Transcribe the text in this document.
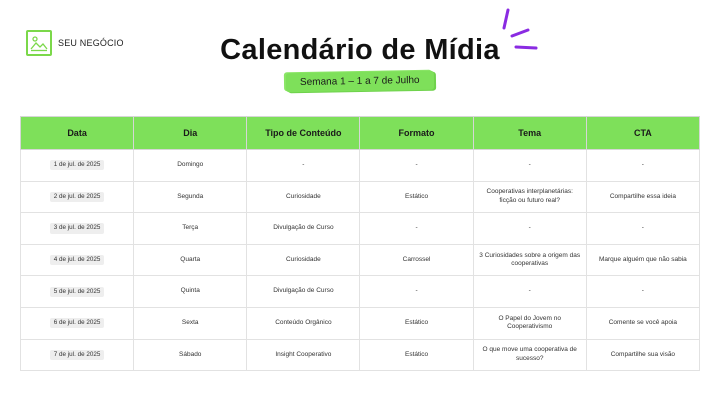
SEU NEGÓCIO	Calendário de Mídia
Semana 1 – 1 a 7 de Julho
Data	Dia	Tipo de Conteúdo	Formato	Tema	CTA
1 de jul. de 2025	Domingo	-	-	-	-
2 de jul. de 2025	Segunda	Curiosidade	Estático	Cooperativas interplanetárias: ficção ou futuro real?	Compartilhe essa ideia
3 de jul. de 2025	Terça	Divulgação de Curso	-	-	-
4 de jul. de 2025	Quarta	Curiosidade	Carrossel	3 Curiosidades sobre a origem das cooperativas	Marque alguém que não sabia
5 de jul. de 2025	Quinta	Divulgação de Curso	-	-	-
6 de jul. de 2025	Sexta	Conteúdo Orgânico	Estático	O Papel do Jovem no Cooperativismo	Comente se você apoia
7 de jul. de 2025	Sábado	Insight Cooperativo	Estático	O que move uma cooperativa de sucesso?	Compartilhe sua visão
